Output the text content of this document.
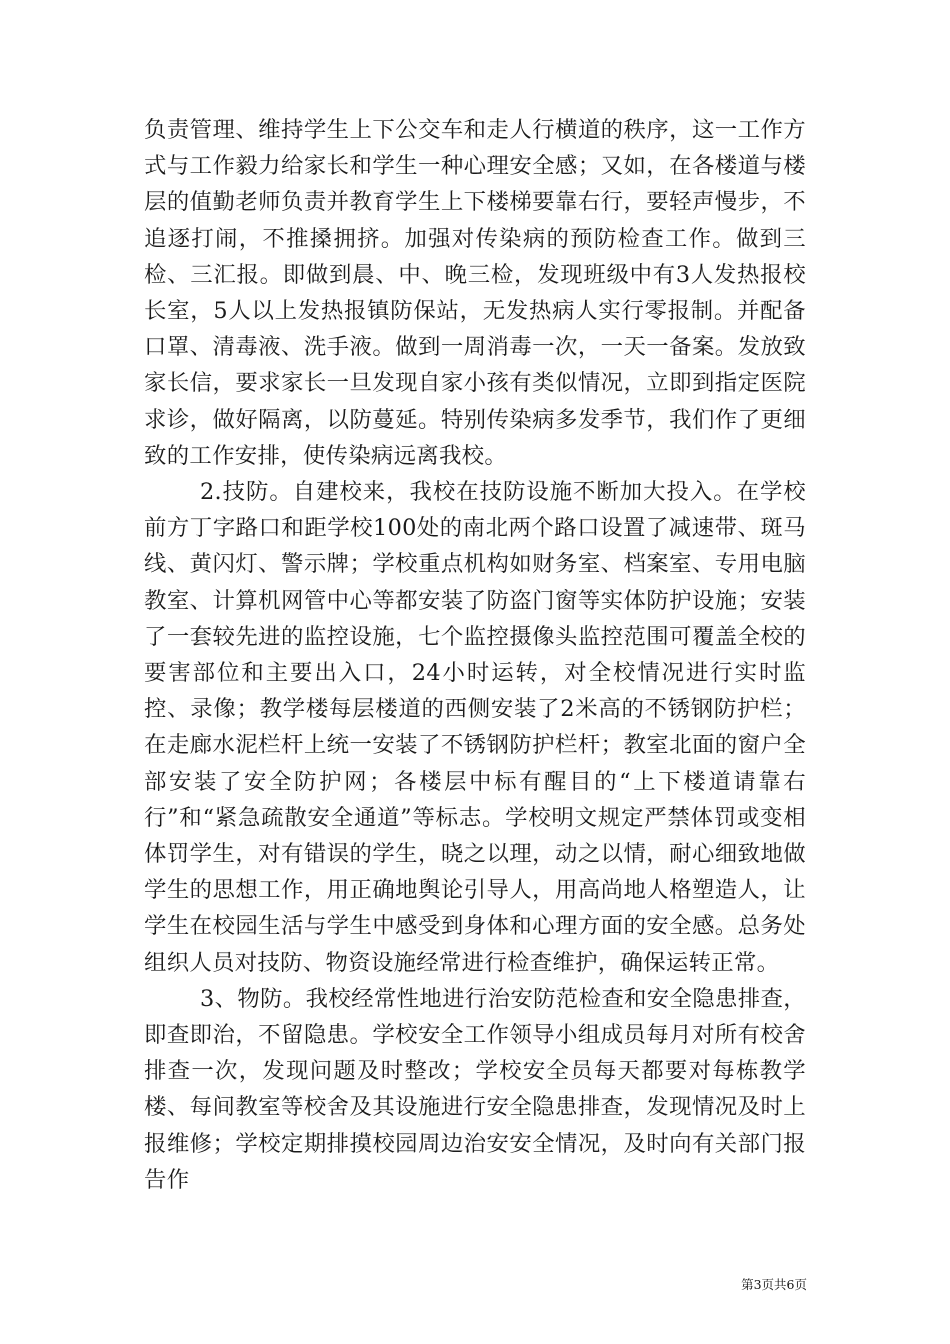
负责管理、维持学生上下公交车和走人行横道的秩序，这一工作方式与工作毅力给家长和学生一种心理安全感；又如，在各楼道与楼层的值勤老师负责并教育学生上下楼梯要靠右行，要轻声慢步，不追逐打闹，不推搡拥挤。加强对传染病的预防检查工作。做到三检、三汇报。即做到晨、中、晚三检，发现班级中有3人发热报校长室，5人以上发热报镇防保站，无发热病人实行零报制。并配备口罩、清毒液、洗手液。做到一周消毒一次，一天一备案。发放致家长信，要求家长一旦发现自家小孩有类似情况，立即到指定医院求诊，做好隔离，以防蔓延。特别传染病多发季节，我们作了更细致的工作安排，使传染病远离我校。

2.技防。自建校来，我校在技防设施不断加大投入。在学校前方丁字路口和距学校100处的南北两个路口设置了减速带、斑马线、黄闪灯、警示牌；学校重点机构如财务室、档案室、专用电脑教室、计算机网管中心等都安装了防盗门窗等实体防护设施；安装了一套较先进的监控设施，七个监控摄像头监控范围可覆盖全校的要害部位和主要出入口，24小时运转，对全校情况进行实时监控、录像；教学楼每层楼道的西侧安装了2米高的不锈钢防护栏；在走廊水泥栏杆上统一安装了不锈钢防护栏杆；教室北面的窗户全部安装了安全防护网；各楼层中标有醒目的“上下楼道请靠右行”和“紧急疏散安全通道”等标志。学校明文规定严禁体罚或变相体罚学生，对有错误的学生，晓之以理，动之以情，耐心细致地做学生的思想工作，用正确地舆论引导人，用高尚地人格塑造人，让学生在校园生活与学生中感受到身体和心理方面的安全感。总务处组织人员对技防、物资设施经常进行检查维护，确保运转正常。

3、物防。我校经常性地进行治安防范检查和安全隐患排查，即查即治，不留隐患。学校安全工作领导小组成员每月对所有校舍排查一次，发现问题及时整改；学校安全员每天都要对每栋教学楼、每间教室等校舍及其设施进行安全隐患排查，发现情况及时上报维修；学校定期排摸校园周边治安安全情况，及时向有关部门报告作

第3页共6页
